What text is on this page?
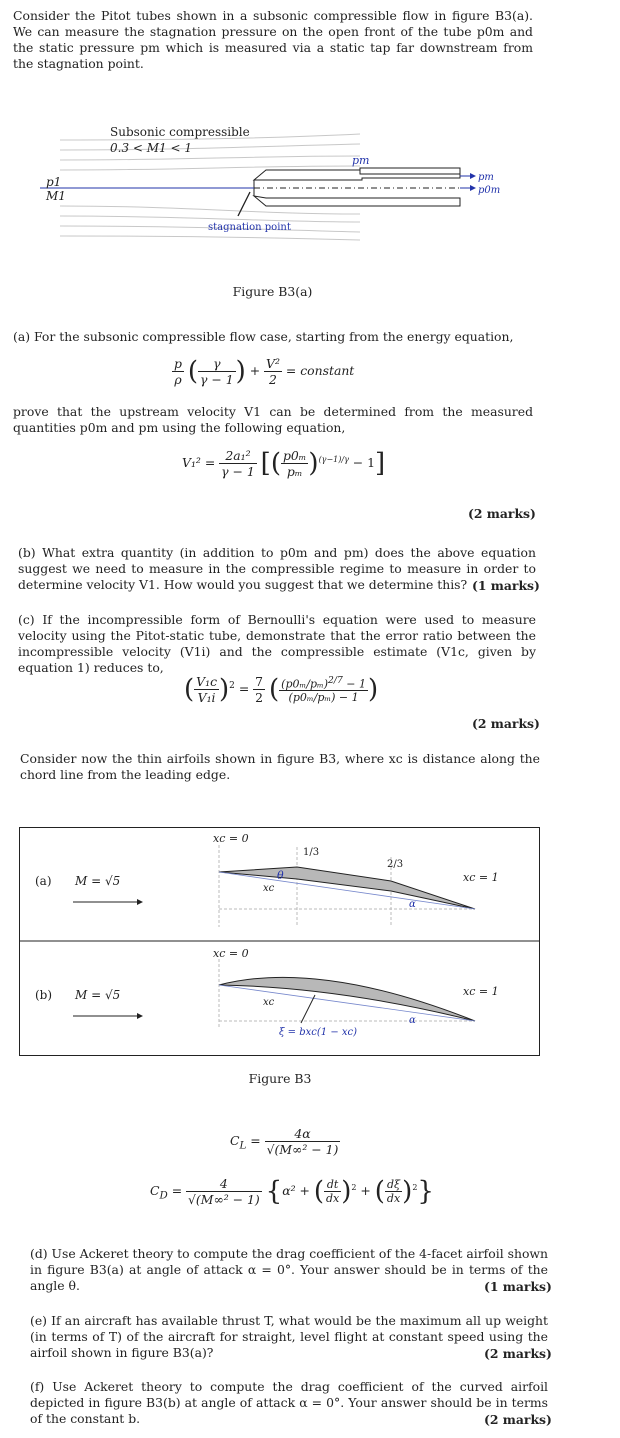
Consider the Pitot tubes shown in a subsonic compressible flow in figure B3(a). We can measure the stagnation pressure on the open front of the tube p0m and the static pressure pm which is measured via a static tap far downstream from the stagnation point.
Subsonic compressible
0.3 < M1 < 1
p1
M1
pm
pm
p0m
stagnation point
Figure B3(a)
(a) For the subsonic compressible flow case, starting from the energy equation,
$\frac{p}{\rho}$ ( $\frac{\gamma}{\gamma - 1}$ ) + $\frac{\text{V²}}{2}$ = constant
prove that the upstream velocity V1 can be determined from the measured quantities p0m and pm using the following equation,
$V_1^2 = \frac{\text{2a₁²}}{\gamma - 1}$ [( $\frac{\text{p0ₘ}}{\text{pₘ}} )^{(\gamma-1)/\gamma} - 1$]
(2 marks)
(b) What extra quantity (in addition to p0m and pm) does the above equation suggest we need to measure in the compressible regime to measure in order to determine velocity V1. How would you suggest that we determine this? (1 marks)
(c) If the incompressible form of Bernoulli's equation were used to measure velocity using the Pitot-static tube, demonstrate that the error ratio between the incompressible velocity (V1i) and the compressible estimate (V1c, given by equation 1) reduces to,
( $\frac{\text{V₁c}}{\text{V₁i}} )^2 = \frac{7}{2}$ ( $\frac{(p0_m/p_m)^{2/7} - 1}{\text{(p0ₘ/pₘ) − 1}}$ )
(2 marks)
Consider now the thin airfoils shown in figure B3, where xc is distance along the chord line from the leading edge.
(a) M = √5
xc = 0
1/3
2/3
xc = 1
xc
θ
α
(b) M = √5
xc = 0
xc = 1
xc
α
ξ = bxc(1 − xc)
Figure B3
$C_L = \frac{4\alpha}{\text{√(M∞² − 1)}}$
$C_D = \frac{4}{\text{√(M∞² − 1)}} \{\alpha^2$ + ( $\frac{dt}{dx} )^2$ + ( $\frac{d\xi}{dx} )^2$}
(d) Use Ackeret theory to compute the drag coefficient of the 4-facet airfoil shown in figure B3(a) at angle of attack α = 0°. Your answer should be in terms of the angle θ.	(1 marks)
(e) If an aircraft has available thrust T, what would be the maximum all up weight (in terms of T) of the aircraft for straight, level flight at constant speed using the airfoil shown in figure B3(a)?	(2 marks)
(f) Use Ackeret theory to compute the drag coefficient of the curved airfoil depicted in figure B3(b) at angle of attack α = 0°. Your answer should be in terms of the constant b.	(2 marks)
